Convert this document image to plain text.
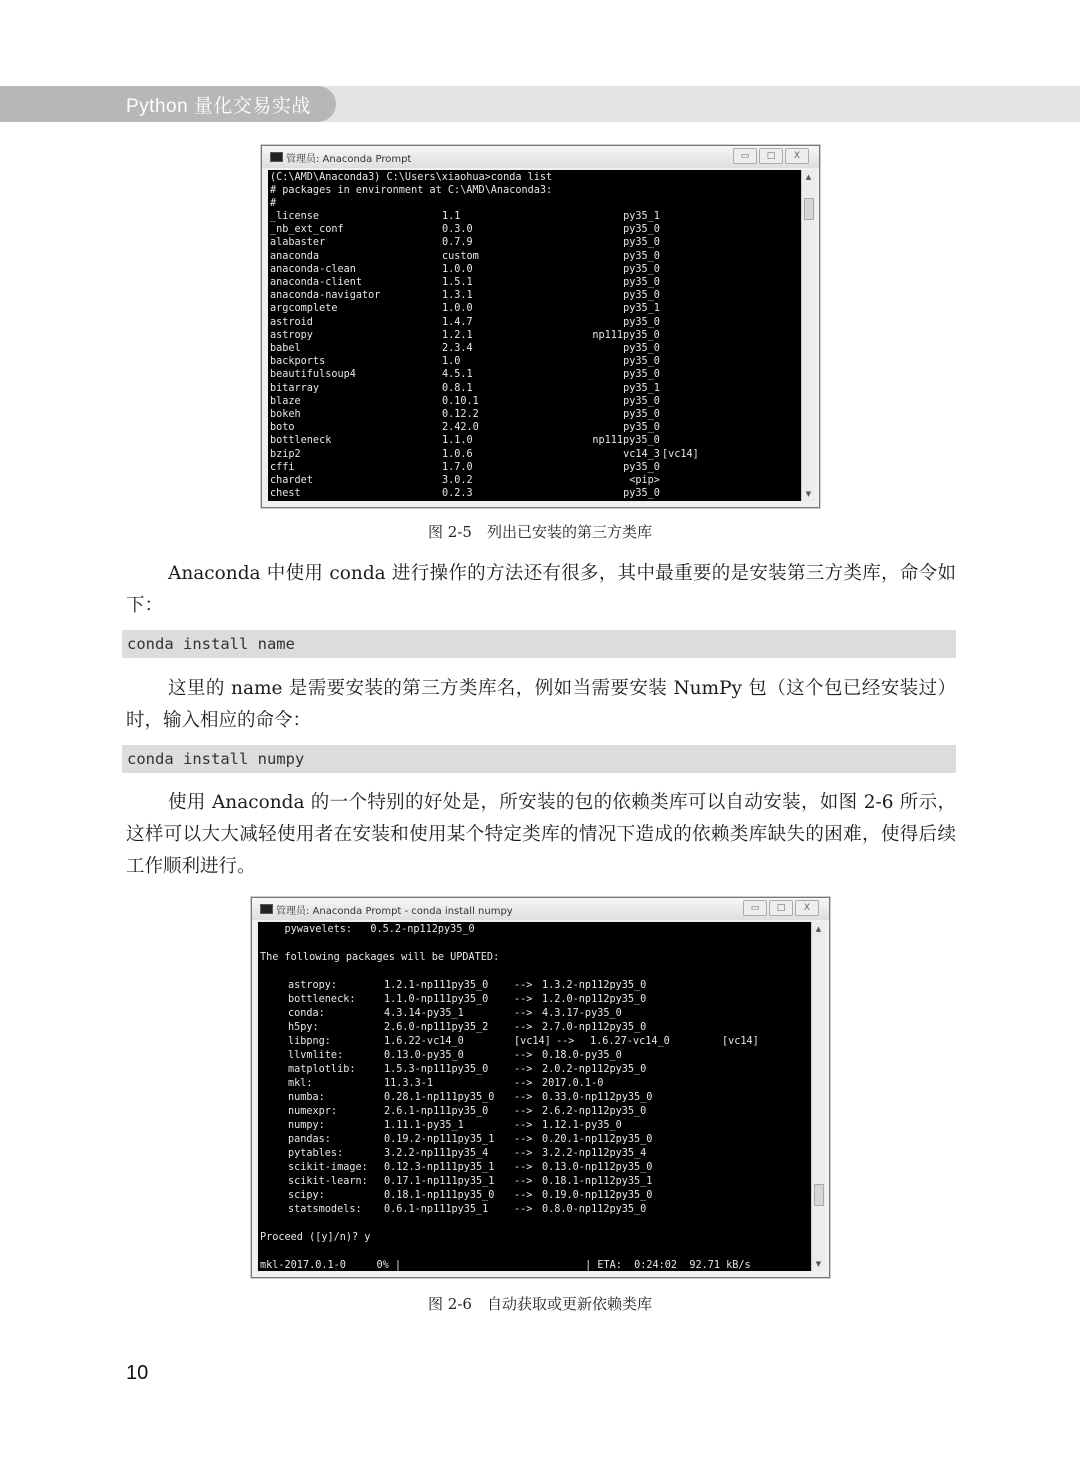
Python 量化交易实战
管理员: Anaconda Prompt	▭	□	X
(C:\AMD\Anaconda3) C:\Users\xiaohua>conda list
# packages in environment at C:\AMD\Anaconda3:
#
_license	1.1	py35_1
_nb_ext_conf	0.3.0	py35_0
alabaster	0.7.9	py35_0
anaconda	custom	py35_0
anaconda-clean	1.0.0	py35_0
anaconda-client	1.5.1	py35_0
anaconda-navigator	1.3.1	py35_0
argcomplete	1.0.0	py35_1
astroid	1.4.7	py35_0
astropy	1.2.1	np111py35_0
babel	2.3.4	py35_0
backports	1.0	py35_0
beautifulsoup4	4.5.1	py35_0
bitarray	0.8.1	py35_1
blaze	0.10.1	py35_0
bokeh	0.12.2	py35_0
boto	2.42.0	py35_0
bottleneck	1.1.0	np111py35_0
bzip2	1.0.6	vc14_3 [vc14]
cffi	1.7.0	py35_0
chardet	3.0.2	<pip>
chest	0.2.3	py35_0
▲
▼
图 2-5　列出已安装的第三方类库
Anaconda 中使用 conda 进行操作的方法还有很多，其中最重要的是安装第三方类库，命令如下：
conda install name
这里的 name 是需要安装的第三方类库名，例如当需要安装 NumPy 包（这个包已经安装过）时，输入相应的命令：
conda install numpy
使用 Anaconda 的一个特别的好处是，所安装的包的依赖类库可以自动安装，如图 2-6 所示，这样可以大大减轻使用者在安装和使用某个特定类库的情况下造成的依赖类库缺失的困难，使得后续工作顺利进行。
管理员: Anaconda Prompt - conda install numpy	▭	□	X
pywavelets:   0.5.2-np112py35_0
The following packages will be UPDATED:
astropy:	1.2.1-np111py35_0	--> 1.3.2-np112py35_0
bottleneck:	1.1.0-np111py35_0	--> 1.2.0-np112py35_0
conda:	4.3.14-py35_1	--> 4.3.17-py35_0
h5py:	2.6.0-np111py35_2	--> 2.7.0-np112py35_0
libpng:	1.6.22-vc14_0	[vc14] --> 1.6.27-vc14_0	[vc14]
llvmlite:	0.13.0-py35_0	--> 0.18.0-py35_0
matplotlib:	1.5.3-np111py35_0	--> 2.0.2-np112py35_0
mkl:	11.3.3-1	--> 2017.0.1-0
numba:	0.28.1-np111py35_0 --> 0.33.0-np112py35_0
numexpr:	2.6.1-np111py35_0	--> 2.6.2-np112py35_0
numpy:	1.11.1-py35_1	--> 1.12.1-py35_0
pandas:	0.19.2-np111py35_1 --> 0.20.1-np112py35_0
pytables:	3.2.2-np111py35_4	--> 3.2.2-np112py35_4
scikit-image: 0.12.3-np111py35_1 --> 0.13.0-np112py35_0
scikit-learn: 0.17.1-np111py35_1 --> 0.18.1-np112py35_1
scipy:	0.18.1-np111py35_0 --> 0.19.0-np112py35_0
statsmodels: 0.6.1-np111py35_1	--> 0.8.0-np112py35_0
Proceed ([y]/n)? y
mkl-2017.0.1-0     0% |                              | ETA:  0:24:02  92.71 kB/s
▲
▼
图 2-6　自动获取或更新依赖类库
10
